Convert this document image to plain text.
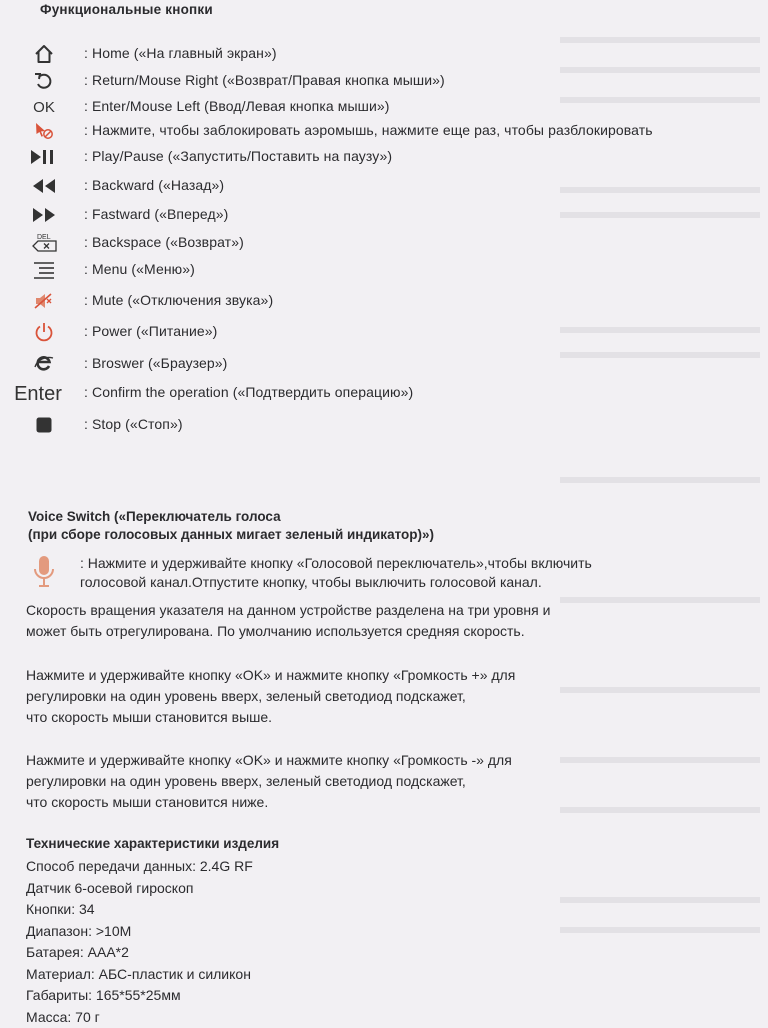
Функциональные кнопки
: Home («На главный экран»)
: Return/Mouse Right («Возврат/Правая кнопка мыши»)
OK	: Enter/Mouse Left (Ввод/Левая кнопка мыши»)
: Нажмите, чтобы заблокировать аэромышь, нажмите еще раз, чтобы разблокировать
: Play/Pause («Запустить/Поставить на паузу»)
: Backward («Назад»)
: Fastward («Вперед»)
DEL : Backspace («Возврат»)
: Menu («Меню»)
: Mute («Отключения звука»)
: Power («Питание»)
: Broswer («Браузер»)
Enter	: Confirm the operation («Подтвердить операцию»)
: Stop («Стоп»)
Voice Switch («Переключатель голоса
(при сборе голосовых данных мигает зеленый индикатор)»)
: Нажмите и удерживайте кнопку «Голосовой переключатель»,чтобы включить
голосовой канал.Отпустите кнопку, чтобы выключить голосовой канал.
Скорость вращения указателя на данном устройстве разделена на три уровня и
может быть отрегулирована. По умолчанию используется средняя скорость.
Нажмите и удерживайте кнопку «OK» и нажмите кнопку «Громкость +» для
регулировки на один уровень вверх, зеленый светодиод подскажет,
что скорость мыши становится выше.
Нажмите и удерживайте кнопку «OK» и нажмите кнопку «Громкость -» для
регулировки на один уровень вверх, зеленый светодиод подскажет,
что скорость мыши становится ниже.
Технические характеристики изделия
Способ передачи данных: 2.4G RF
Датчик 6-осевой гироскоп
Кнопки: 34
Диапазон: >10M
Батарея: AAA*2
Материал: АБС-пластик и силикон
Габариты: 165*55*25мм
Масса: 70 г
